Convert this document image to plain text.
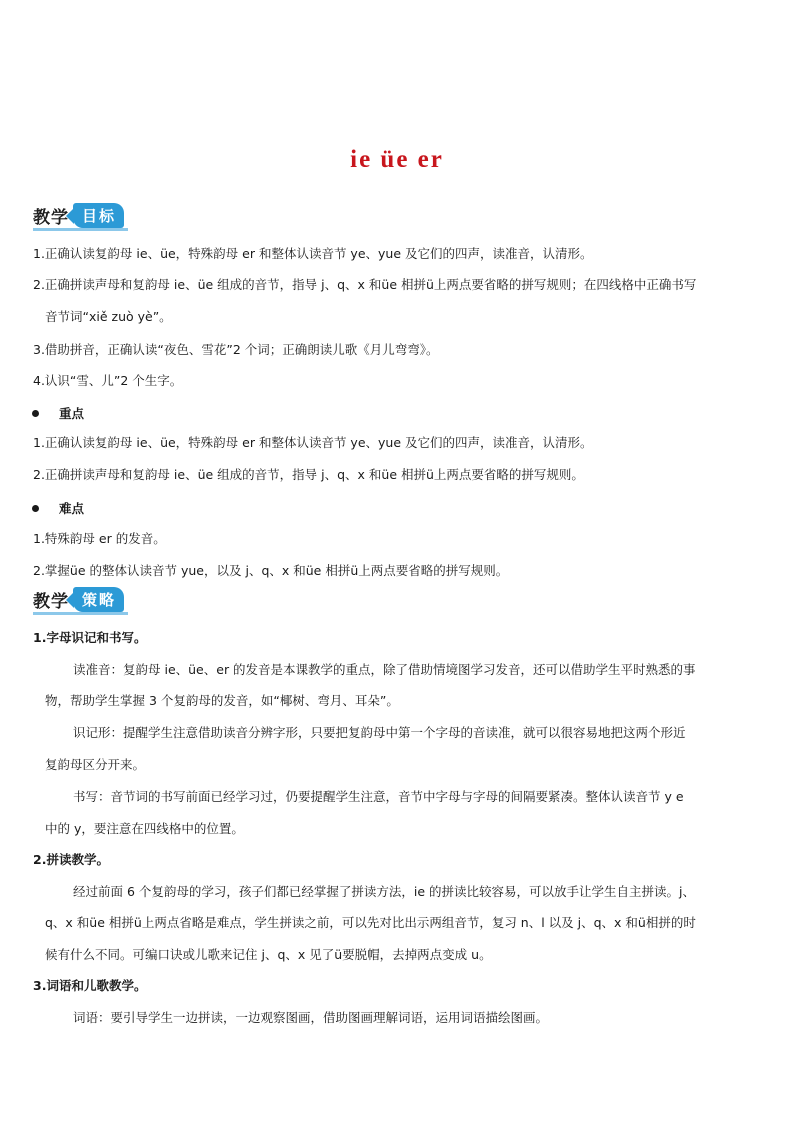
ie üe er
教学 目标
1.正确认读复韵母 ie、üe，特殊韵母 er 和整体认读音节 ye、yue 及它们的四声，读准音，认清形。
2.正确拼读声母和复韵母 ie、üe 组成的音节，指导 j、q、x 和üe 相拼ü上两点要省略的拼写规则；在四线格中正确书写
音节词“xiě zuò yè”。
3.借助拼音，正确认读“夜色、雪花”2 个词；正确朗读儿歌《月儿弯弯》。
4.认识“雪、儿”2 个生字。
重点
1.正确认读复韵母 ie、üe，特殊韵母 er 和整体认读音节 ye、yue 及它们的四声，读准音，认清形。
2.正确拼读声母和复韵母 ie、üe 组成的音节，指导 j、q、x 和üe 相拼ü上两点要省略的拼写规则。
难点
1.特殊韵母 er 的发音。
2.掌握üe 的整体认读音节 yue，以及 j、q、x 和üe 相拼ü上两点要省略的拼写规则。
教学 策略
1.字母识记和书写。
读准音：复韵母 ie、üe、er 的发音是本课教学的重点，除了借助情境图学习发音，还可以借助学生平时熟悉的事
物，帮助学生掌握 3 个复韵母的发音，如“椰树、弯月、耳朵”。
识记形：提醒学生注意借助读音分辨字形，只要把复韵母中第一个字母的音读准，就可以很容易地把这两个形近
复韵母区分开来。
书写：音节词的书写前面已经学习过，仍要提醒学生注意，音节中字母与字母的间隔要紧凑。整体认读音节 y e
中的 y，要注意在四线格中的位置。
2.拼读教学。
经过前面 6 个复韵母的学习，孩子们都已经掌握了拼读方法，ie 的拼读比较容易，可以放手让学生自主拼读。j、
q、x 和üe 相拼ü上两点省略是难点，学生拼读之前，可以先对比出示两组音节，复习 n、l 以及 j、q、x 和ü相拼的时
候有什么不同。可编口诀或儿歌来记住 j、q、x 见了ü要脱帽，去掉两点变成 u。
3.词语和儿歌教学。
词语：要引导学生一边拼读，一边观察图画，借助图画理解词语，运用词语描绘图画。
